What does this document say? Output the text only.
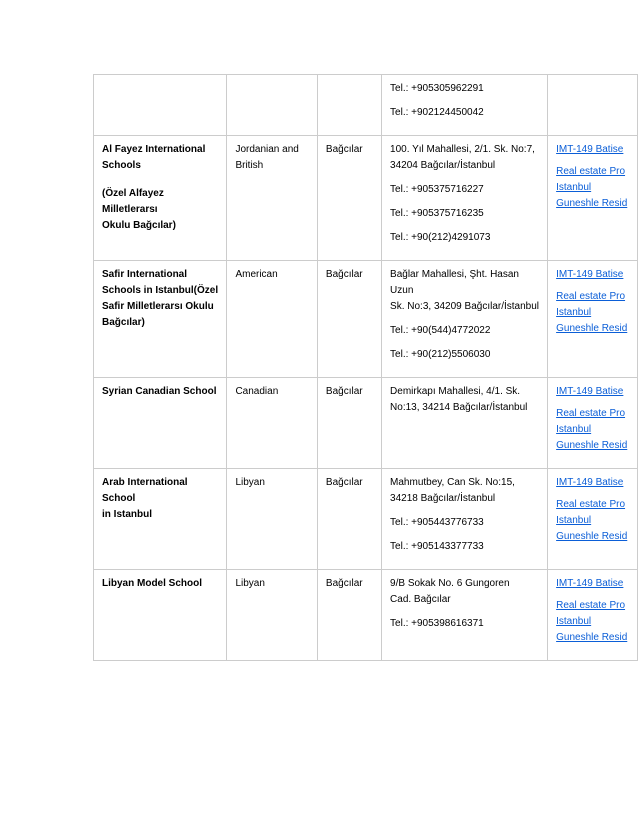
			Tel.: +905305962291
Tel.: +902124450042	

Al Fayez International
Schools
(Özel Alfayez Milletlerarsı
Okulu Bağcılar)	Jordanian and
British	Bağcılar	100. Yıl Mahallesi, 2/1. Sk. No:7,
34204 Bağcılar/İstanbul
Tel.: +905375716227
Tel.: +905375716235
Tel.: +90(212)4291073	IMT-149 Batise
Real estate Pro
Istanbul
Guneshle Resid

Safir International
Schools in Istanbul(Özel
Safir Milletlerarsı Okulu
Bağcılar)	American	Bağcılar	Bağlar Mahallesi, Şht. Hasan Uzun
Sk. No:3, 34209 Bağcılar/İstanbul
Tel.: +90(544)4772022
Tel.: +90(212)5506030	IMT-149 Batise
Real estate Pro
Istanbul
Guneshle Resid

Syrian Canadian School	Canadian	Bağcılar	Demirkapı Mahallesi, 4/1. Sk.
No:13, 34214 Bağcılar/İstanbul	IMT-149 Batise
Real estate Pro
Istanbul
Guneshle Resid

Arab International School
in Istanbul	Libyan	Bağcılar	Mahmutbey, Can Sk. No:15,
34218 Bağcılar/İstanbul
Tel.: +905443776733
Tel.: +905143377733	IMT-149 Batise
Real estate Pro
Istanbul
Guneshle Resid

Libyan Model School	Libyan	Bağcılar	9/B Sokak No. 6 Gungoren
Cad. Bağcılar
Tel.: +905398616371	IMT-149 Batise
Real estate Pro
Istanbul
Guneshle Resid
